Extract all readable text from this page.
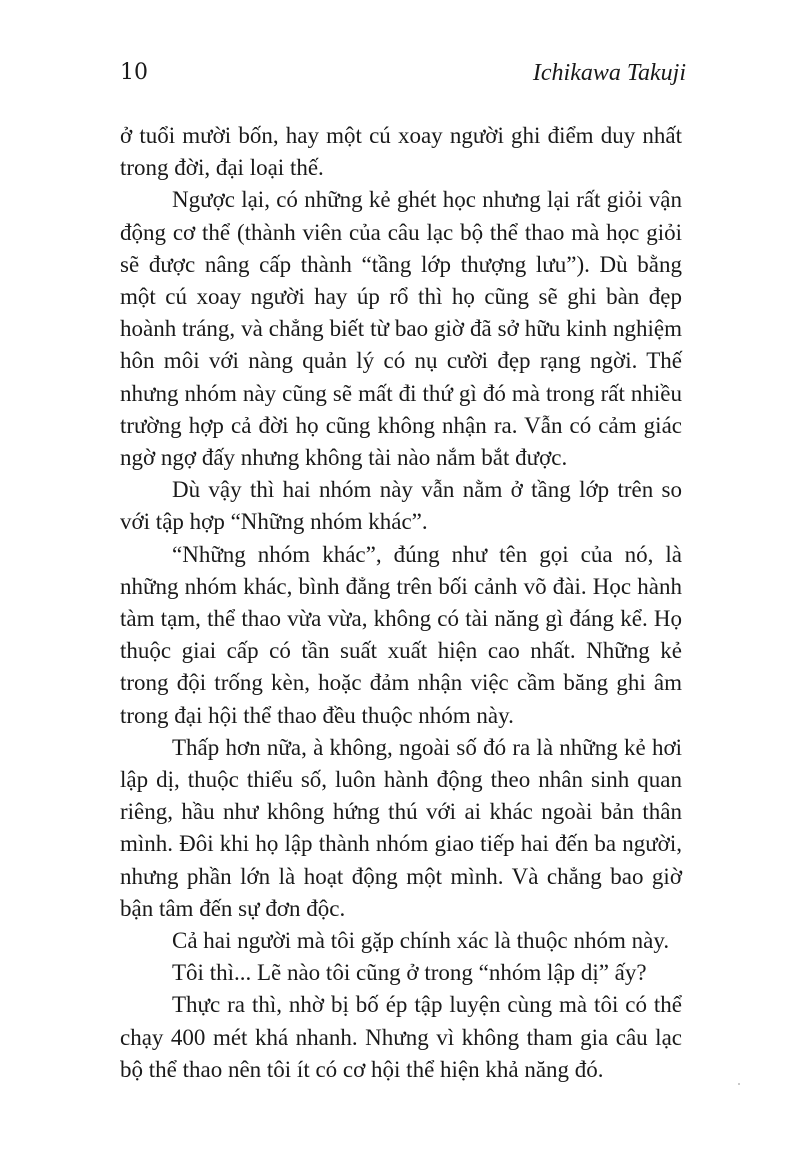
10	Ichikawa Takuji

ở tuổi mười bốn, hay một cú xoay người ghi điểm duy nhất trong đời, đại loại thế.

Ngược lại, có những kẻ ghét học nhưng lại rất giỏi vận động cơ thể (thành viên của câu lạc bộ thể thao mà học giỏi sẽ được nâng cấp thành “tầng lớp thượng lưu”). Dù bằng một cú xoay người hay úp rổ thì họ cũng sẽ ghi bàn đẹp hoành tráng, và chẳng biết từ bao giờ đã sở hữu kinh nghiệm hôn môi với nàng quản lý có nụ cười đẹp rạng ngời. Thế nhưng nhóm này cũng sẽ mất đi thứ gì đó mà trong rất nhiều trường hợp cả đời họ cũng không nhận ra. Vẫn có cảm giác ngờ ngợ đấy nhưng không tài nào nắm bắt được.

Dù vậy thì hai nhóm này vẫn nằm ở tầng lớp trên so với tập hợp “Những nhóm khác”.

“Những nhóm khác”, đúng như tên gọi của nó, là những nhóm khác, bình đẳng trên bối cảnh võ đài. Học hành tàm tạm, thể thao vừa vừa, không có tài năng gì đáng kể. Họ thuộc giai cấp có tần suất xuất hiện cao nhất. Những kẻ trong đội trống kèn, hoặc đảm nhận việc cầm băng ghi âm trong đại hội thể thao đều thuộc nhóm này.

Thấp hơn nữa, à không, ngoài số đó ra là những kẻ hơi lập dị, thuộc thiểu số, luôn hành động theo nhân sinh quan riêng, hầu như không hứng thú với ai khác ngoài bản thân mình. Đôi khi họ lập thành nhóm giao tiếp hai đến ba người, nhưng phần lớn là hoạt động một mình. Và chẳng bao giờ bận tâm đến sự đơn độc.

Cả hai người mà tôi gặp chính xác là thuộc nhóm này.

Tôi thì... Lẽ nào tôi cũng ở trong “nhóm lập dị” ấy?

Thực ra thì, nhờ bị bố ép tập luyện cùng mà tôi có thể chạy 400 mét khá nhanh. Nhưng vì không tham gia câu lạc bộ thể thao nên tôi ít có cơ hội thể hiện khả năng đó.
